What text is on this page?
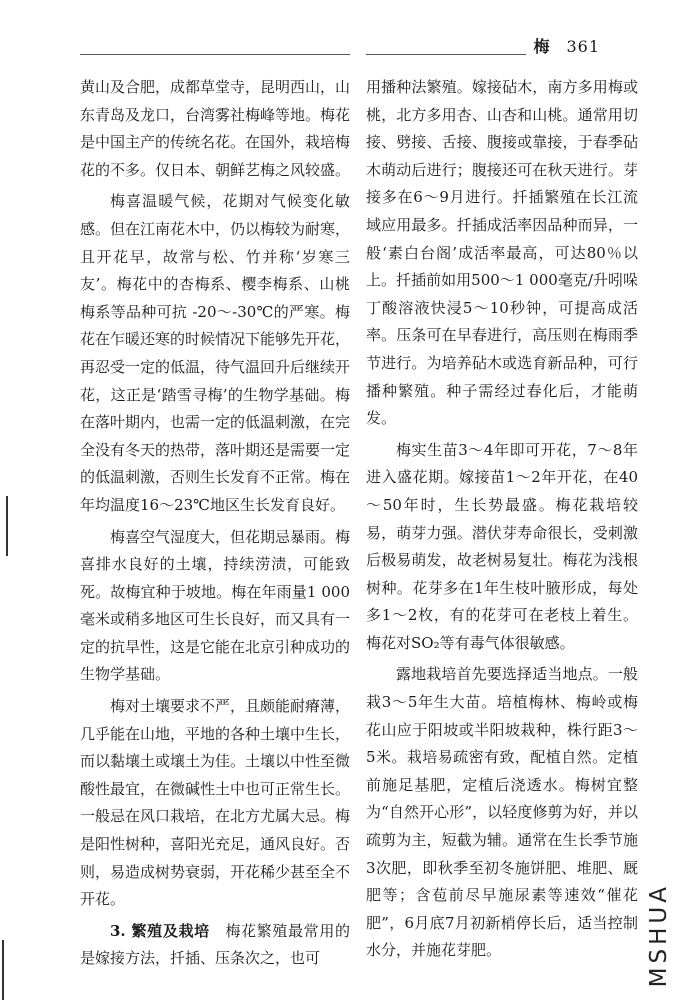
梅 361

黄山及合肥，成都草堂寺，昆明西山，山东青岛及龙口，台湾雾社梅峰等地。梅花是中国主产的传统名花。在国外，栽培梅花的不多。仅日本、朝鲜艺梅之风较盛。

梅喜温暖气候，花期对气候变化敏感。但在江南花木中，仍以梅较为耐寒，且开花早，故常与松、竹并称‘岁寒三友’。梅花中的杏梅系、樱李梅系、山桃梅系等品种可抗 -20～-30℃的严寒。梅花在乍暖还寒的时候情况下能够先开花，再忍受一定的低温，待气温回升后继续开花，这正是‘踏雪寻梅’的生物学基础。梅在落叶期内，也需一定的低温刺激，在完全没有冬天的热带，落叶期还是需要一定的低温刺激，否则生长发育不正常。梅在年均温度16～23℃地区生长发育良好。

梅喜空气湿度大，但花期忌暴雨。梅喜排水良好的土壤，持续涝渍，可能致死。故梅宜种于坡地。梅在年雨量1 000毫米或稍多地区可生长良好，而又具有一定的抗旱性，这是它能在北京引种成功的生物学基础。

梅对土壤要求不严，且颇能耐瘠薄，几乎能在山地，平地的各种土壤中生长，而以黏壤土或壤土为佳。土壤以中性至微酸性最宜，在微碱性土中也可正常生长。一般忌在风口栽培，在北方尤属大忌。梅是阳性树种，喜阳光充足，通风良好。否则，易造成树势衰弱，开花稀少甚至全不开花。

3. 繁殖及栽培　 梅花繁殖最常用的是嫁接方法，扦插、压条次之，也可

用播种法繁殖。嫁接砧木，南方多用梅或桃，北方多用杏、山杏和山桃。通常用切接、劈接、舌接、腹接或靠接，于春季砧木萌动后进行；腹接还可在秋天进行。芽接多在6～9月进行。扦插繁殖在长江流域应用最多。扦插成活率因品种而异，一般‘素白台阁’成活率最高，可达80％以上。扦插前如用500～1 000毫克/升吲哚丁酸溶液快浸5～10秒钟，可提高成活率。压条可在早春进行，高压则在梅雨季节进行。为培养砧木或选育新品种，可行播种繁殖。种子需经过春化后，才能萌发。

梅实生苗3～4年即可开花，7～8年进入盛花期。嫁接苗1～2年开花，在40～50年时，生长势最盛。梅花栽培较易，萌芽力强。潜伏芽寿命很长，受刺激后极易萌发，故老树易复壮。梅花为浅根树种。花芽多在1年生枝叶腋形成，每处多1～2枚，有的花芽可在老枝上着生。梅花对SO₂等有毒气体很敏感。

露地栽培首先要选择适当地点。一般栽3～5年生大苗。培植梅林、梅岭或梅花山应于阳坡或半阳坡栽种，株行距3～5米。栽培易疏密有致，配植自然。定植前施足基肥，定植后浇透水。梅树宜整为“自然开心形”，以轻度修剪为好，并以疏剪为主，短截为辅。通常在生长季节施3次肥，即秋季至初冬施饼肥、堆肥、厩肥等；含苞前尽早施尿素等速效“催花肥”，6月底7月初新梢停长后，适当控制水分，并施花芽肥。	MSHUA
